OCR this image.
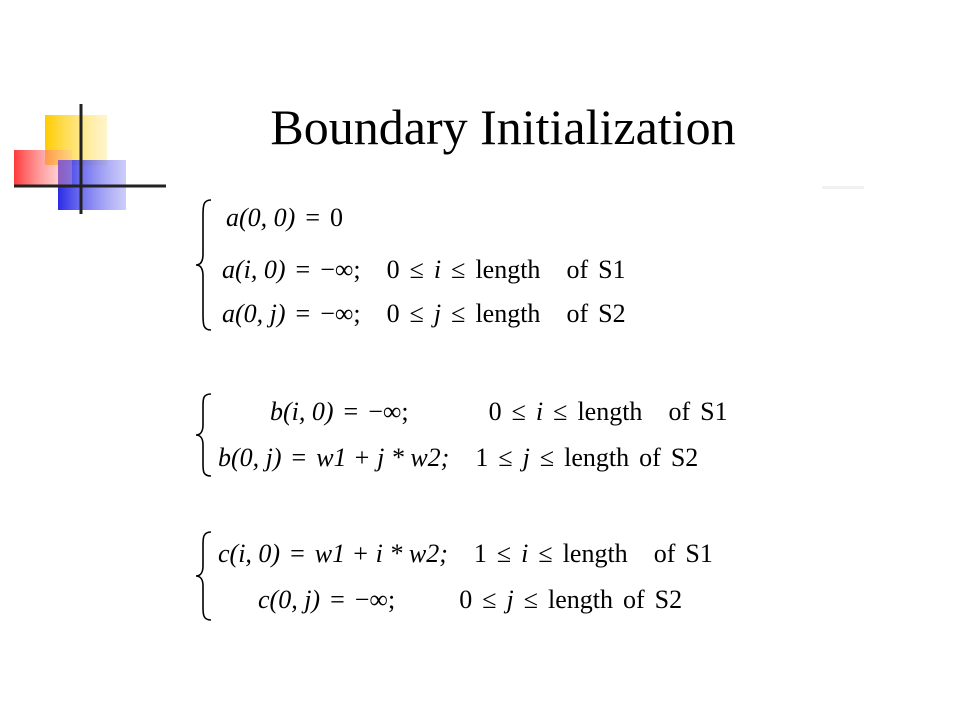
Boundary Initialization
a(0, 0) = 0
a(i, 0) = −∞; 0 ≤ i ≤ length of S1
a(0, j) = −∞; 0 ≤ j ≤ length of S2
b(i, 0) = −∞;	0 ≤ i ≤ length of S1
b(0, j) = w1 + j * w2; 1 ≤ j ≤ length of S2
c(i, 0) = w1 + i * w2; 1 ≤ i ≤ length of S1
c(0, j) = −∞; 0 ≤ j ≤ length of S2
